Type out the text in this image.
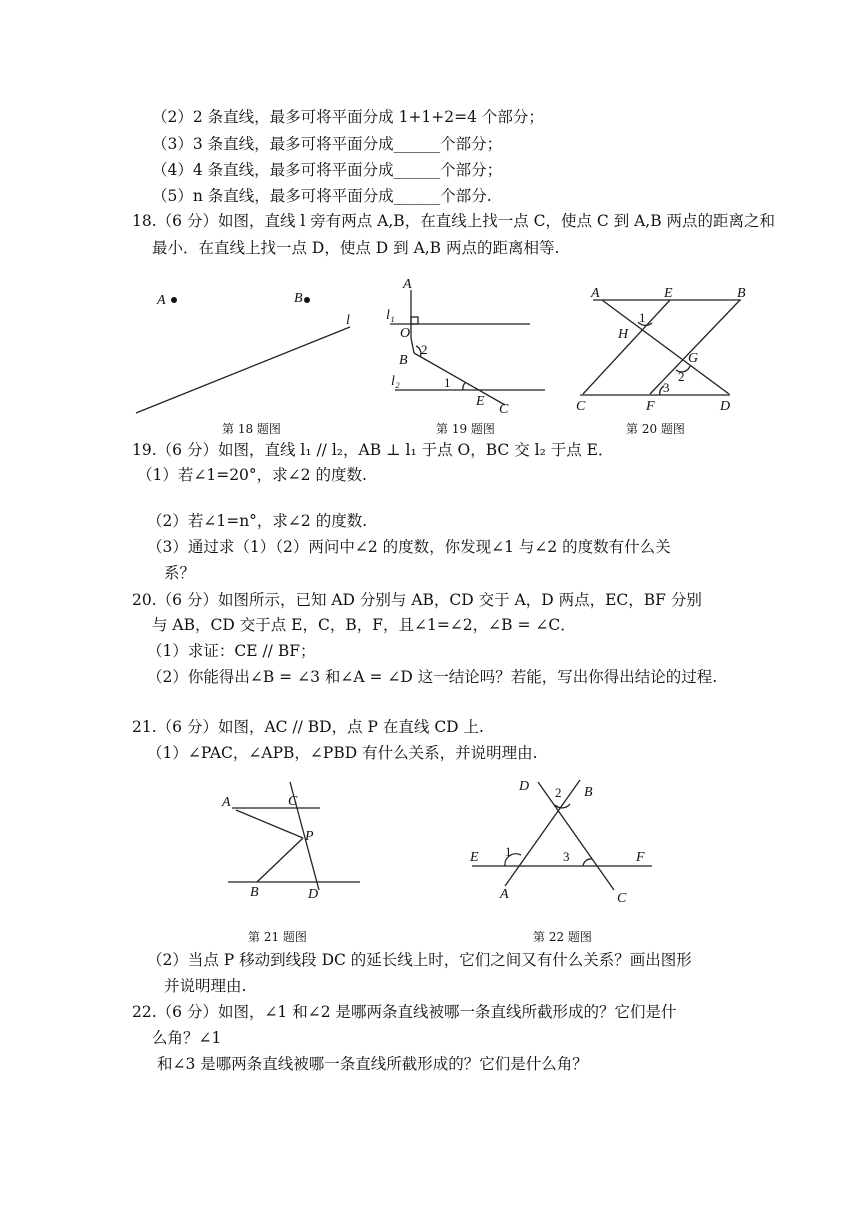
（2）2 条直线，最多可将平面分成 1+1+2=4 个部分；
（3）3 条直线，最多可将平面分成______个部分；
（4）4 条直线，最多可将平面分成______个部分；
（5）n 条直线，最多可将平面分成______个部分.
18.（6 分）如图，直线 l 旁有两点 A,B，在直线上找一点 C，使点 C 到 A,B 两点的距离之和
最小．在直线上找一点 D，使点 D 到 A,B 两点的距离相等.
A	B
l
第 18 题图
A
l₁
O
B
2
l₂	1
E
C
第 19 题图
A	E	B
1
H
G
2
3
C	F	D
第 20 题图
19.（6 分）如图，直线 l₁ // l₂，AB ⊥ l₁ 于点 O，BC 交 l₂ 于点 E．
（1）若∠1=20°，求∠2 的度数.
（2）若∠1=n°，求∠2 的度数.
（3）通过求（1）（2）两问中∠2 的度数，你发现∠1 与∠2 的度数有什么关
系？
20.（6 分）如图所示，已知 AD 分别与 AB，CD 交于 A，D 两点，EC，BF 分别
与 AB，CD 交于点 E，C，B，F，且∠1=∠2，∠B = ∠C．
（1）求证：CE // BF；
（2）你能得出∠B = ∠3 和∠A = ∠D 这一结论吗？若能，写出你得出结论的过程.
21.（6 分）如图，AC // BD，点 P 在直线 CD 上.
（1）∠PAC，∠APB，∠PBD 有什么关系，并说明理由.
A	C
P
B	D
第 21 题图
D 2 B
E 1	3	F
A	C
第 22 题图
（2）当点 P 移动到线段 DC 的延长线上时，它们之间又有什么关系？画出图形
并说明理由.
22.（6 分）如图，∠1 和∠2 是哪两条直线被哪一条直线所截形成的？它们是什
么角？∠1
和∠3 是哪两条直线被哪一条直线所截形成的？它们是什么角？
